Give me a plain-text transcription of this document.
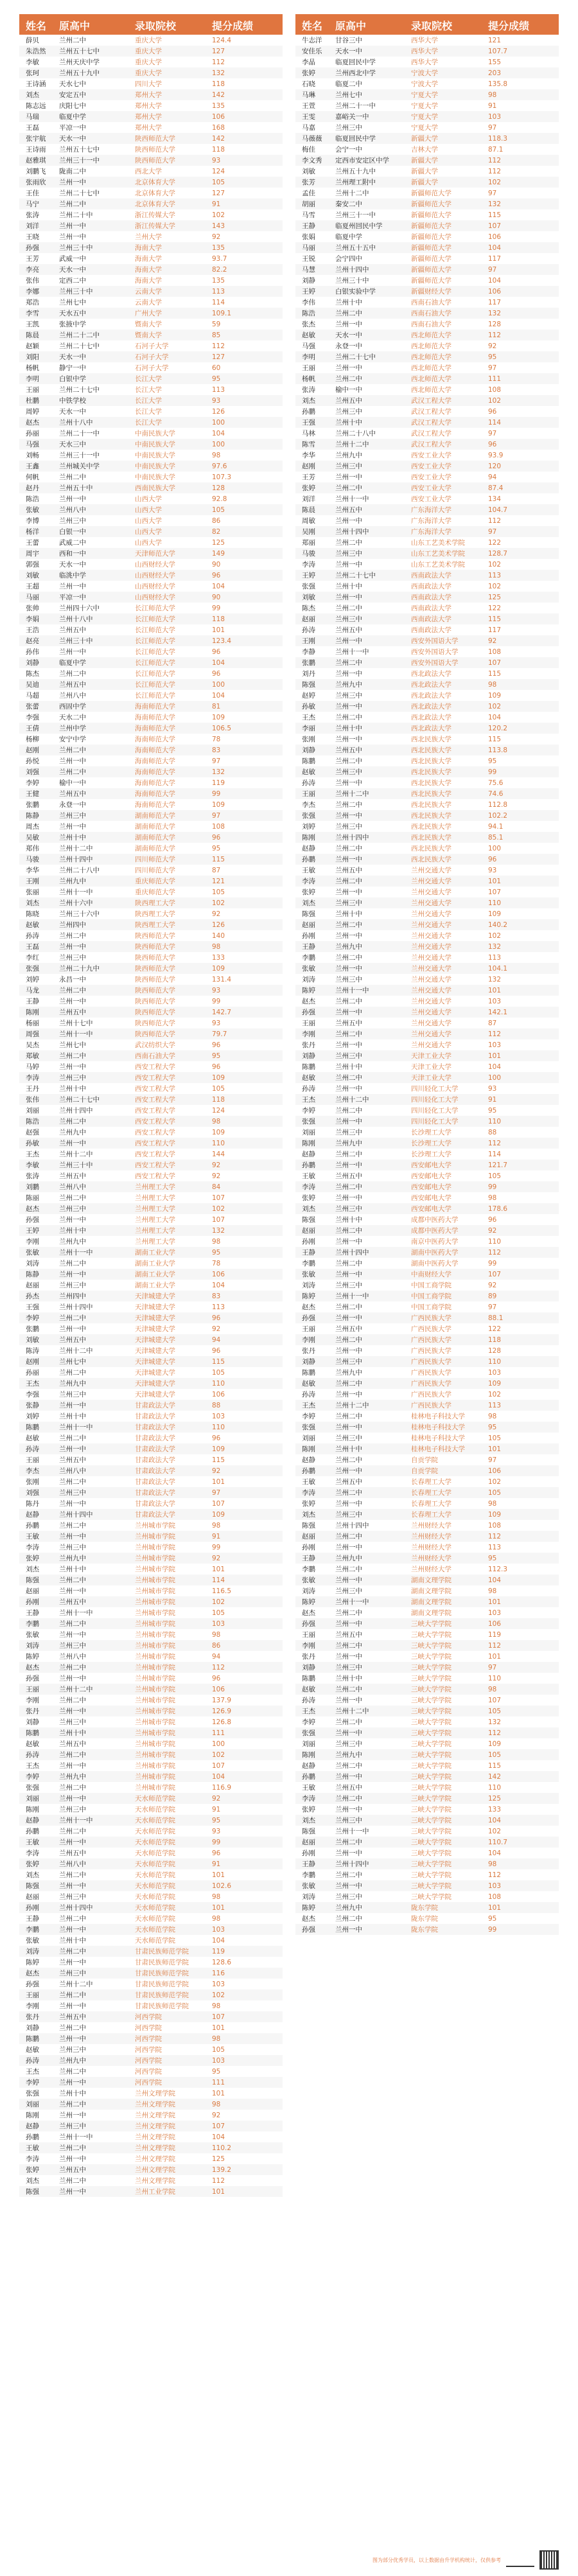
姓名	原高中	录取院校	提分成绩
薛贝	兰州二中	重庆大学	124.4
朱浩然	兰州五十七中	重庆大学	127
李敏	兰州天庆中学	重庆大学	112
张珂	兰州五十九中	重庆大学	132
王诗涵	天水七中	四川大学	118
刘杰	安定五中	郑州大学	142
陈志远	庆阳七中	郑州大学	135
马瑞	临夏中学	郑州大学	106
王磊	平凉一中	郑州大学	168
张宇航	天水一中	陕西师范大学	142
王诗雨	兰州五十七中	陕西师范大学	118
赵雅琪	兰州三十一中	陕西师范大学	93
刘鹏飞	陇南二中	西北大学	124
张雨欣	兰州一中	北京体育大学	105
王佳	兰州二十七中	北京体育大学	127
马宁	兰州二中	北京体育大学	91
张涛	兰州二十中	浙江传媒大学	102
刘洋	兰州一中	浙江传媒大学	143
王晓	兰州一中	兰州大学	92
孙强	兰州三十中	海南大学	135
王芳	武威一中	海南大学	93.7
李亮	天水一中	海南大学	82.2
张伟	定西二中	海南大学	135
李娜	兰州三十中	云南大学	113
郑浩	兰州七中	云南大学	114
李雪	天水五中	广州大学	109.1
王凯	张掖中学	暨南大学	59
陈晨	兰州二十二中	暨南大学	85
赵颖	兰州二十七中	石河子大学	112
刘阳	天水一中	石河子大学	127
杨帆	静宁一中	石河子大学	60
李明	白银中学	长江大学	95
王丽	兰州二十七中	长江大学	113
杜鹏	中铁学校	长江大学	93
周婷	天水一中	长江大学	126
赵杰	兰州十八中	长江大学	100
孙丽	兰州二十一中	中南民族大学	104
马强	天水三中	中南民族大学	100
刘畅	兰州三十一中	中南民族大学	98
王鑫	兰州城关中学	中南民族大学	97.6
何帆	兰州二中	中南民族大学	107.3
赵丹	兰州五十中	西南民族大学	128
陈浩	兰州一中	山西大学	92.8
张敏	兰州八中	山西大学	105
李博	兰州三中	山西大学	86
杨洋	白银一中	山西大学	82
王蕾	武威二中	山西大学	125
周宇	西和一中	天津师范大学	149
郭强	天水一中	山西财经大学	90
刘敏	临洮中学	山西财经大学	96
王超	兰州一中	山西财经大学	104
马丽	平凉一中	山西财经大学	90
张帅	兰州四十六中	长江师范大学	99
李娟	兰州十八中	长江师范大学	118
王浩	兰州五中	长江师范大学	101
赵亮	兰州三十中	长江师范大学	123.4
孙伟	兰州一中	长江师范大学	96
刘静	临夏中学	长江师范大学	104
陈杰	兰州二中	长江师范大学	96
吴迪	兰州五中	长江师范大学	100
马超	兰州八中	长江师范大学	104
张蕾	西固中学	海南师范大学	81
李强	天水二中	海南师范大学	109
王倩	兰州中学	海南师范大学	106.5
杨柳	安宁中学	海南师范大学	78
赵刚	兰州二中	海南师范大学	83
孙悦	兰州一中	海南师范大学	97
刘强	兰州二中	海南师范大学	132
李婷	榆中一中	海南师范大学	119
王健	兰州五中	海南师范大学	99
张鹏	永登一中	海南师范大学	109
陈静	兰州三中	湖南师范大学	97
周杰	兰州一中	湖南师范大学	108
吴敏	兰州十中	湖南师范大学	96
郑伟	兰州十二中	湖南师范大学	95
马骏	兰州十四中	四川师范大学	115
李华	兰州二十八中	四川师范大学	87
王刚	兰州九中	重庆师范大学	121
张丽	兰州十一中	重庆师范大学	105
刘杰	兰州十六中	陕西理工大学	102
陈晓	兰州三十六中	陕西理工大学	92
赵敏	兰州四中	陕西理工大学	126
孙涛	兰州二中	陕西师范大学	140
王磊	兰州一中	陕西师范大学	98
李红	兰州三中	陕西师范大学	133
张强	兰州二十九中	陕西师范大学	109
刘婷	永昌一中	陕西师范大学	131.4
马龙	兰州二中	陕西师范大学	93
王静	兰州一中	陕西师范大学	99
陈刚	兰州五中	陕西师范大学	142.7
杨丽	兰州十七中	陕西师范大学	93
周强	兰州十一中	陕西师范大学	79.7
吴杰	兰州七中	武汉纺织大学	96
郑敏	兰州二中	西南石油大学	95
马婷	兰州一中	西安工程大学	96
李涛	兰州三中	西安工程大学	109
王丹	兰州十中	西安工程大学	105
张伟	兰州二十七中	西安工程大学	118
刘丽	兰州十四中	西安工程大学	124
陈浩	兰州二中	西安工程大学	98
赵强	兰州九中	西安工程大学	109
孙敏	兰州一中	西安工程大学	110
王杰	兰州十二中	西安工程大学	144
李敏	兰州三十中	西安工程大学	92
张涛	兰州五中	西安工程大学	92
刘鹏	兰州八中	兰州理工大学	84
陈丽	兰州二中	兰州理工大学	107
赵杰	兰州三中	兰州理工大学	102
孙强	兰州一中	兰州理工大学	107
王婷	兰州十中	兰州理工大学	132
李刚	兰州九中	兰州理工大学	98
张敏	兰州十一中	湖南工业大学	95
刘涛	兰州二中	湖南工业大学	78
陈静	兰州一中	湖南工业大学	106
赵丽	兰州三中	湖南工业大学	104
孙杰	兰州四中	天津城建大学	83
王强	兰州十四中	天津城建大学	113
李婷	兰州二中	天津城建大学	96
张鹏	兰州一中	天津城建大学	92
刘敏	兰州五中	天津城建大学	94
陈涛	兰州十二中	天津城建大学	96
赵刚	兰州七中	天津城建大学	115
孙丽	兰州二中	天津城建大学	105
王杰	兰州九中	天津城建大学	110
李强	兰州三中	天津城建大学	106
张静	兰州一中	甘肃政法大学	88
刘婷	兰州十中	甘肃政法大学	103
陈鹏	兰州十一中	甘肃政法大学	110
赵敏	兰州二中	甘肃政法大学	96
孙涛	兰州一中	甘肃政法大学	109
王丽	兰州五中	甘肃政法大学	115
李杰	兰州八中	甘肃政法大学	92
张刚	兰州二中	甘肃政法大学	101
刘强	兰州三中	甘肃政法大学	97
陈丹	兰州一中	甘肃政法大学	107
赵静	兰州十四中	甘肃政法大学	109
孙鹏	兰州二中	兰州城市学院	98
王敏	兰州一中	兰州城市学院	91
李涛	兰州三中	兰州城市学院	99
张婷	兰州九中	兰州城市学院	92
刘杰	兰州十中	兰州城市学院	101
陈强	兰州二中	兰州城市学院	114
赵丽	兰州一中	兰州城市学院	116.5
孙刚	兰州五中	兰州城市学院	102
王静	兰州十一中	兰州城市学院	105
李鹏	兰州二中	兰州城市学院	103
张敏	兰州一中	兰州城市学院	98
刘涛	兰州三中	兰州城市学院	86
陈婷	兰州八中	兰州城市学院	94
赵杰	兰州二中	兰州城市学院	112
孙强	兰州一中	兰州城市学院	96
王丽	兰州十二中	兰州城市学院	106
李刚	兰州二中	兰州城市学院	137.9
张丹	兰州一中	兰州城市学院	126.9
刘静	兰州三中	兰州城市学院	126.8
陈鹏	兰州十中	兰州城市学院	111
赵敏	兰州五中	兰州城市学院	100
孙涛	兰州二中	兰州城市学院	102
王杰	兰州一中	兰州城市学院	107
李婷	兰州九中	兰州城市学院	104
张强	兰州二中	兰州城市学院	116.9
刘丽	兰州一中	天水师范学院	92
陈刚	兰州三中	天水师范学院	91
赵静	兰州十一中	天水师范学院	95
孙鹏	兰州二中	天水师范学院	93
王敏	兰州一中	天水师范学院	99
李涛	兰州五中	天水师范学院	96
张婷	兰州八中	天水师范学院	91
刘杰	兰州二中	天水师范学院	101
陈强	兰州一中	天水师范学院	102.6
赵丽	兰州三中	天水师范学院	98
孙刚	兰州十四中	天水师范学院	101
王静	兰州二中	天水师范学院	98
李鹏	兰州一中	天水师范学院	103
张敏	兰州十中	天水师范学院	104
刘涛	兰州二中	甘肃民族师范学院	119
陈婷	兰州一中	甘肃民族师范学院	128.6
赵杰	兰州三中	甘肃民族师范学院	116
孙强	兰州十二中	甘肃民族师范学院	103
王丽	兰州二中	甘肃民族师范学院	102
李刚	兰州一中	甘肃民族师范学院	98
张丹	兰州五中	河西学院	107
刘静	兰州二中	河西学院	101
陈鹏	兰州一中	河西学院	98
赵敏	兰州三中	河西学院	105
孙涛	兰州九中	河西学院	103
王杰	兰州二中	河西学院	95
李婷	兰州一中	河西学院	111
张强	兰州十中	兰州文理学院	101
刘丽	兰州二中	兰州文理学院	98
陈刚	兰州一中	兰州文理学院	92
赵静	兰州三中	兰州文理学院	107
孙鹏	兰州十一中	兰州文理学院	104
王敏	兰州二中	兰州文理学院	110.2
李涛	兰州一中	兰州文理学院	125
张婷	兰州五中	兰州文理学院	139.2
刘杰	兰州二中	兰州文理学院	112
陈强	兰州一中	兰州工业学院	101
姓名	原高中	录取院校	提分成绩
牛志洋	甘谷三中	西华大学	121
安佳乐	天水一中	西华大学	107.7
李晶	临夏回民中学	西华大学	155
张婷	兰州西北中学	宁波大学	203
石晓	临夏二中	宁波大学	135.8
马琳	兰州七中	宁夏大学	98
王萱	兰州二十一中	宁夏大学	91
王雯	嘉峪关一中	宁夏大学	103
马嘉	兰州三中	宁夏大学	97
马薇薇	临夏回民中学	新疆大学	118.3
梅佳	会宁一中	吉林大学	87.1
李文秀	定西市安定区中学	新疆大学	112
刘敏	兰州五十九中	新疆大学	112
张芳	兰州理工附中	新疆大学	102
孟佳	兰州十二中	新疆师范大学	97
胡丽	秦安二中	新疆师范大学	132
马雪	兰州三十一中	新疆师范大学	115
王静	临夏州回民中学	新疆师范大学	107
张娟	临夏中学	新疆师范大学	106
马丽	兰州五十五中	新疆师范大学	104
王锐	会宁四中	新疆师范大学	117
马慧	兰州十四中	新疆师范大学	97
刘静	兰州三十中	新疆师范大学	104
王婷	白银实验中学	新疆财经大学	106
李伟	兰州十中	西南石油大学	117
陈浩	兰州二中	西南石油大学	132
张杰	兰州一中	西南石油大学	128
赵敏	天水一中	西北师范大学	112
马强	永登一中	西北师范大学	92
李明	兰州二十七中	西北师范大学	95
王丽	兰州一中	西北师范大学	97
杨帆	兰州二中	西北师范大学	111
张涛	榆中一中	西北师范大学	108
刘杰	兰州五中	武汉工程大学	102
孙鹏	兰州三中	武汉工程大学	96
王强	兰州十中	武汉工程大学	114
马林	兰州二十八中	武汉工程大学	97
陈雪	兰州十二中	武汉工程大学	96
李华	兰州九中	西安工业大学	93.9
赵刚	兰州三中	西安工业大学	120
王芳	兰州一中	西安工业大学	94
张婷	兰州二中	西安工业大学	87.4
刘洋	兰州十一中	西安工业大学	134
陈晨	兰州五中	广东海洋大学	104.7
周敏	兰州一中	广东海洋大学	112
吴刚	兰州十四中	广东海洋大学	97
郑丽	兰州二中	山东工艺美术学院	122
马骏	兰州三中	山东工艺美术学院	128.7
李涛	兰州一中	山东工艺美术学院	102
王婷	兰州二十七中	西南政法大学	113
张强	兰州十中	西南政法大学	102
刘敏	兰州一中	西南政法大学	125
陈杰	兰州二中	西南政法大学	122
赵丽	兰州三中	西南政法大学	115
孙涛	兰州五中	西南政法大学	117
王刚	兰州一中	西安外国语大学	92
李静	兰州十一中	西安外国语大学	108
张鹏	兰州二中	西安外国语大学	107
刘丹	兰州一中	西北政法大学	115
陈强	兰州九中	西北政法大学	98
赵婷	兰州三中	西北政法大学	109
孙敏	兰州一中	西北政法大学	102
王杰	兰州二中	西北政法大学	104
李丽	兰州十中	西北政法大学	120.2
张刚	兰州一中	西北民族大学	115
刘静	兰州五中	西北民族大学	113.8
陈鹏	兰州二中	西北民族大学	95
赵敏	兰州三中	西北民族大学	99
孙涛	兰州一中	西北民族大学	75.6
王丽	兰州十二中	西北民族大学	74.6
李杰	兰州二中	西北民族大学	112.8
张强	兰州一中	西北民族大学	102.2
刘婷	兰州三中	西北民族大学	94.1
陈刚	兰州十四中	西北民族大学	85.1
赵静	兰州二中	西北民族大学	100
孙鹏	兰州一中	西北民族大学	96
王敏	兰州五中	兰州交通大学	93
李涛	兰州二中	兰州交通大学	101
张婷	兰州一中	兰州交通大学	107
刘杰	兰州三中	兰州交通大学	110
陈强	兰州十中	兰州交通大学	109
赵丽	兰州二中	兰州交通大学	140.2
孙刚	兰州一中	兰州交通大学	102
王静	兰州九中	兰州交通大学	132
李鹏	兰州二中	兰州交通大学	113
张敏	兰州一中	兰州交通大学	104.1
刘涛	兰州三中	兰州交通大学	132
陈婷	兰州十一中	兰州交通大学	101
赵杰	兰州二中	兰州交通大学	103
孙强	兰州一中	兰州交通大学	142.1
王丽	兰州五中	兰州交通大学	87
李刚	兰州二中	兰州交通大学	112
张丹	兰州一中	兰州交通大学	103
刘静	兰州三中	天津工业大学	101
陈鹏	兰州十中	天津工业大学	104
赵敏	兰州二中	天津工业大学	100
孙涛	兰州一中	四川轻化工大学	93
王杰	兰州十二中	四川轻化工大学	91
李婷	兰州二中	四川轻化工大学	95
张强	兰州一中	四川轻化工大学	110
刘丽	兰州三中	长沙理工大学	88
陈刚	兰州九中	长沙理工大学	112
赵静	兰州二中	长沙理工大学	114
孙鹏	兰州一中	西安邮电大学	121.7
王敏	兰州五中	西安邮电大学	105
李涛	兰州二中	西安邮电大学	99
张婷	兰州一中	西安邮电大学	98
刘杰	兰州三中	西安邮电大学	178.6
陈强	兰州十中	成都中医药大学	96
赵丽	兰州二中	成都中医药大学	92
孙刚	兰州一中	南京中医药大学	110
王静	兰州十四中	湖南中医药大学	112
李鹏	兰州二中	湖南中医药大学	99
张敏	兰州一中	中南财经大学	107
刘涛	兰州三中	中国工商学院	92
陈婷	兰州十一中	中国工商学院	89
赵杰	兰州二中	中国工商学院	97
孙强	兰州一中	广西民族大学	88.1
王丽	兰州五中	广西民族大学	122
李刚	兰州二中	广西民族大学	118
张丹	兰州一中	广西民族大学	128
刘静	兰州三中	广西民族大学	110
陈鹏	兰州九中	广西民族大学	103
赵敏	兰州二中	广西民族大学	109
孙涛	兰州一中	广西民族大学	102
王杰	兰州十二中	广西民族大学	113
李婷	兰州二中	桂林电子科技大学	98
张强	兰州一中	桂林电子科技大学	95
刘丽	兰州三中	桂林电子科技大学	105
陈刚	兰州十中	桂林电子科技大学	101
赵静	兰州二中	自贡学院	97
孙鹏	兰州一中	自贡学院	106
王敏	兰州五中	长春理工大学	102
李涛	兰州二中	长春理工大学	105
张婷	兰州一中	长春理工大学	98
刘杰	兰州三中	长春理工大学	109
陈强	兰州十四中	兰州财经大学	108
赵丽	兰州二中	兰州财经大学	112
孙刚	兰州一中	兰州财经大学	113
王静	兰州九中	兰州财经大学	95
李鹏	兰州二中	兰州财经大学	112.3
张敏	兰州一中	湖南文理学院	104
刘涛	兰州三中	湖南文理学院	98
陈婷	兰州十一中	湖南文理学院	101
赵杰	兰州二中	湖南文理学院	103
孙强	兰州一中	三峡大学学院	106
王丽	兰州五中	三峡大学学院	119
李刚	兰州二中	三峡大学学院	112
张丹	兰州一中	三峡大学学院	101
刘静	兰州三中	三峡大学学院	97
陈鹏	兰州十中	三峡大学学院	110
赵敏	兰州二中	三峡大学学院	98
孙涛	兰州一中	三峡大学学院	107
王杰	兰州十二中	三峡大学学院	105
李婷	兰州二中	三峡大学学院	132
张强	兰州一中	三峡大学学院	112
刘丽	兰州三中	三峡大学学院	109
陈刚	兰州九中	三峡大学学院	105
赵静	兰州二中	三峡大学学院	115
孙鹏	兰州一中	三峡大学学院	142
王敏	兰州五中	三峡大学学院	110
李涛	兰州二中	三峡大学学院	125
张婷	兰州一中	三峡大学学院	133
刘杰	兰州三中	三峡大学学院	104
陈强	兰州十一中	三峡大学学院	102
赵丽	兰州二中	三峡大学学院	110.7
孙刚	兰州一中	三峡大学学院	104
王静	兰州十四中	三峡大学学院	98
李鹏	兰州二中	三峡大学学院	112
张敏	兰州一中	三峡大学学院	103
刘涛	兰州三中	三峡大学学院	108
陈婷	兰州九中	陇东学院	101
赵杰	兰州二中	陇东学院	95
孙强	兰州一中	陇东学院	99
图为部分优秀学员，以上数据由升学机构统计，仅供参考
